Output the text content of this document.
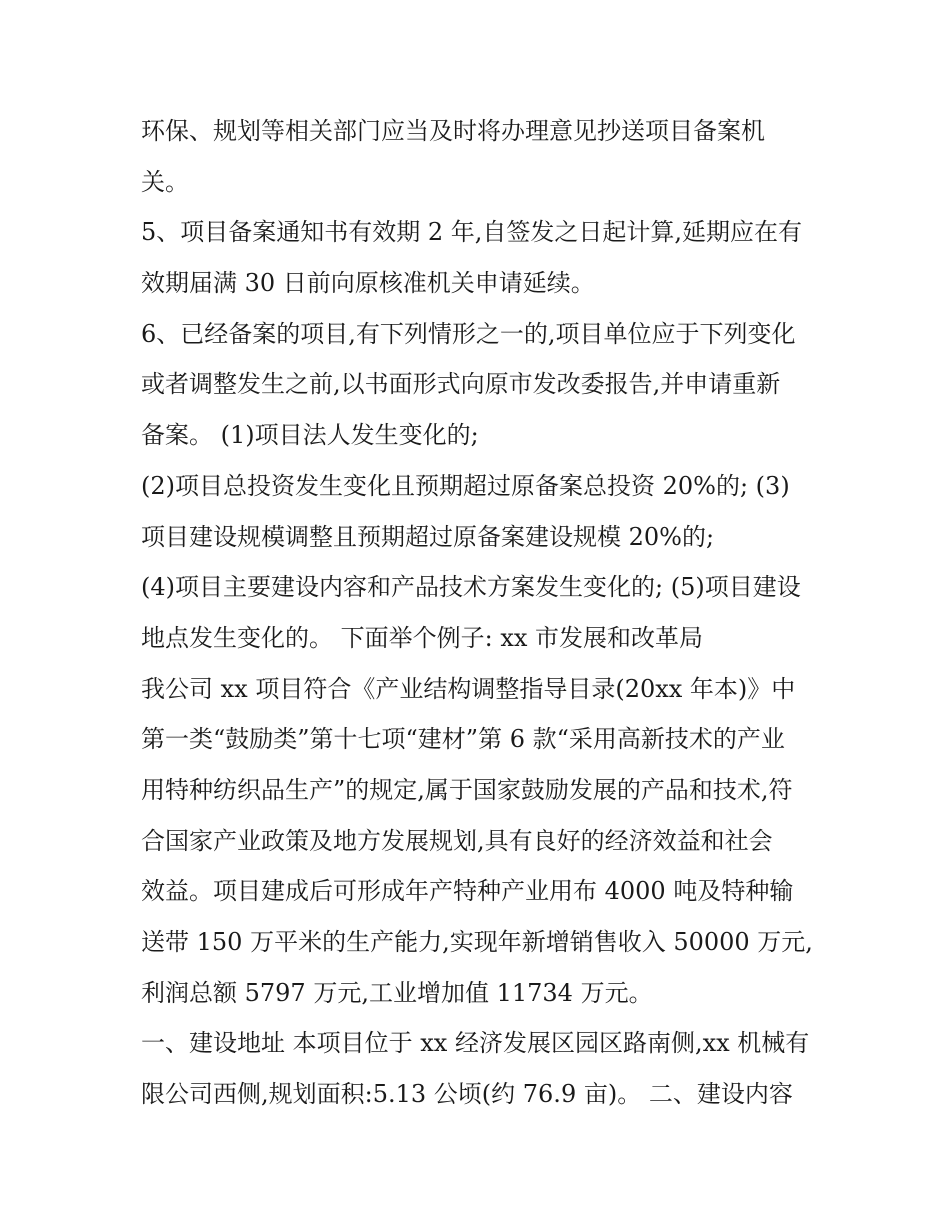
环保、规划等相关部门应当及时将办理意见抄送项目备案机
关。
5、项目备案通知书有效期 2 年,自签发之日起计算,延期应在有
效期届满 30 日前向原核准机关申请延续。
6、已经备案的项目,有下列情形之一的,项目单位应于下列变化
或者调整发生之前,以书面形式向原市发改委报告,并申请重新
备案。 (1)项目法人发生变化的;
(2)项目总投资发生变化且预期超过原备案总投资 20%的; (3)
项目建设规模调整且预期超过原备案建设规模 20%的;
(4)项目主要建设内容和产品技术方案发生变化的; (5)项目建设
地点发生变化的。 下面举个例子: xx 市发展和改革局
我公司 xx 项目符合《产业结构调整指导目录(20xx 年本)》中
第一类“鼓励类”第十七项“建材”第 6 款“采用高新技术的产业
用特种纺织品生产”的规定,属于国家鼓励发展的产品和技术,符
合国家产业政策及地方发展规划,具有良好的经济效益和社会
效益。项目建成后可形成年产特种产业用布 4000 吨及特种输
送带 150 万平米的生产能力,实现年新增销售收入 50000 万元,
利润总额 5797 万元,工业增加值 11734 万元。
一、建设地址 本项目位于 xx 经济发展区园区路南侧,xx 机械有
限公司西侧,规划面积:5.13 公顷(约 76.9 亩)。 二、建设内容
